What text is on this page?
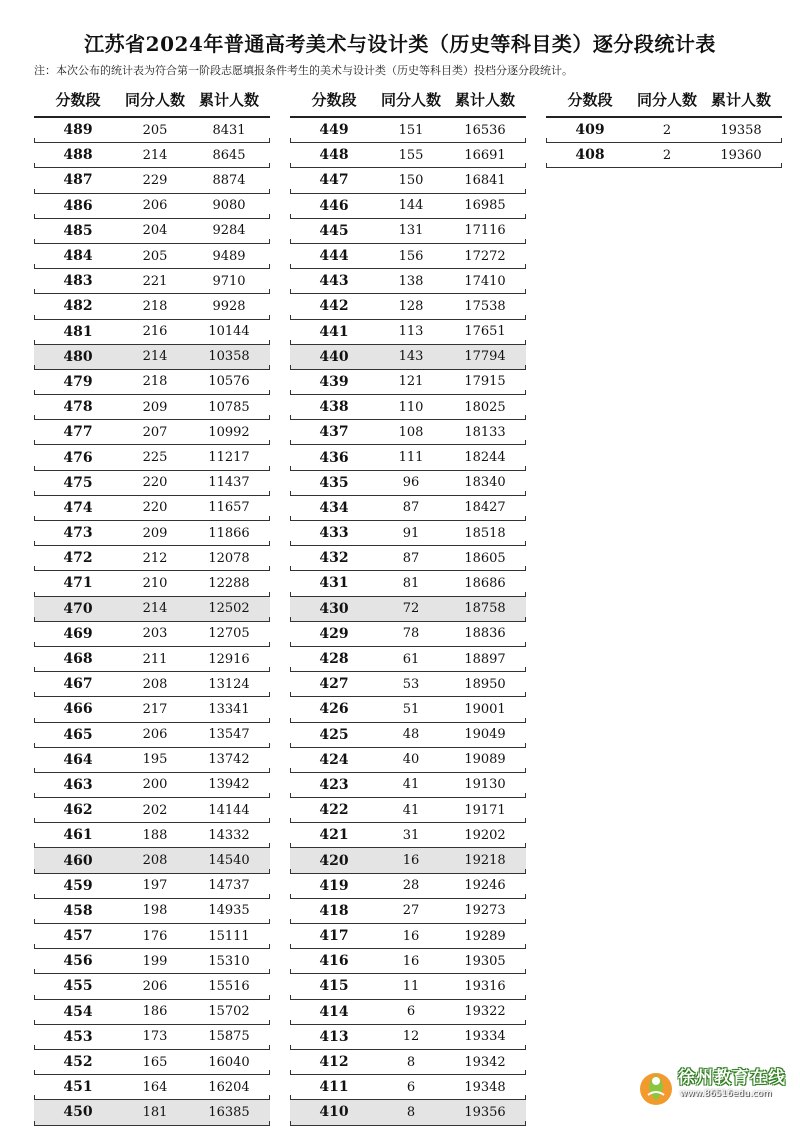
江苏省2024年普通高考美术与设计类（历史等科目类）逐分段统计表
注：本次公布的统计表为符合第一阶段志愿填报条件考生的美术与设计类（历史等科目类）投档分逐分段统计。
分数段	同分人数 累计人数
489	205	8431
488	214	8645
487	229	8874
486	206	9080
485	204	9284
484	205	9489
483	221	9710
482	218	9928
481	216	10144
480	214	10358
479	218	10576
478	209	10785
477	207	10992
476	225	11217
475	220	11437
474	220	11657
473	209	11866
472	212	12078
471	210	12288
470	214	12502
469	203	12705
468	211	12916
467	208	13124
466	217	13341
465	206	13547
464	195	13742
463	200	13942
462	202	14144
461	188	14332
460	208	14540
459	197	14737
458	198	14935
457	176	15111
456	199	15310
455	206	15516
454	186	15702
453	173	15875
452	165	16040
451	164	16204
450	181	16385
分数段	同分人数 累计人数
449	151	16536
448	155	16691
447	150	16841
446	144	16985
445	131	17116
444	156	17272
443	138	17410
442	128	17538
441	113	17651
440	143	17794
439	121	17915
438	110	18025
437	108	18133
436	111	18244
435	96	18340
434	87	18427
433	91	18518
432	87	18605
431	81	18686
430	72	18758
429	78	18836
428	61	18897
427	53	18950
426	51	19001
425	48	19049
424	40	19089
423	41	19130
422	41	19171
421	31	19202
420	16	19218
419	28	19246
418	27	19273
417	16	19289
416	16	19305
415	11	19316
414	6	19322
413	12	19334
412	8	19342
411	6	19348
410	8	19356
分数段	同分人数 累计人数
409	2	19358
408	2	19360
徐州教育在线
www.86516edu.com
